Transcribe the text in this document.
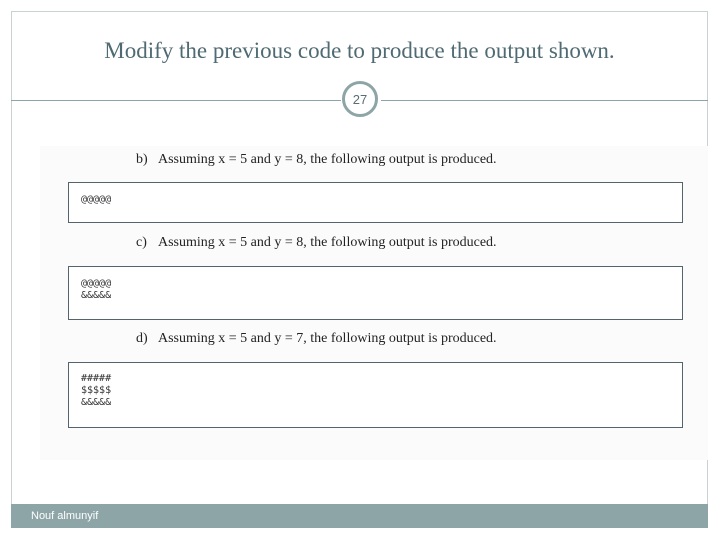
Modify the previous code to produce the output shown.
27
b) Assuming x = 5 and y = 8, the following output is produced.
@@@@@
c) Assuming x = 5 and y = 8, the following output is produced.
@@@@@
&&&&&
d) Assuming x = 5 and y = 7, the following output is produced.
#####
$$$$$
&&&&&
Nouf almunyif
